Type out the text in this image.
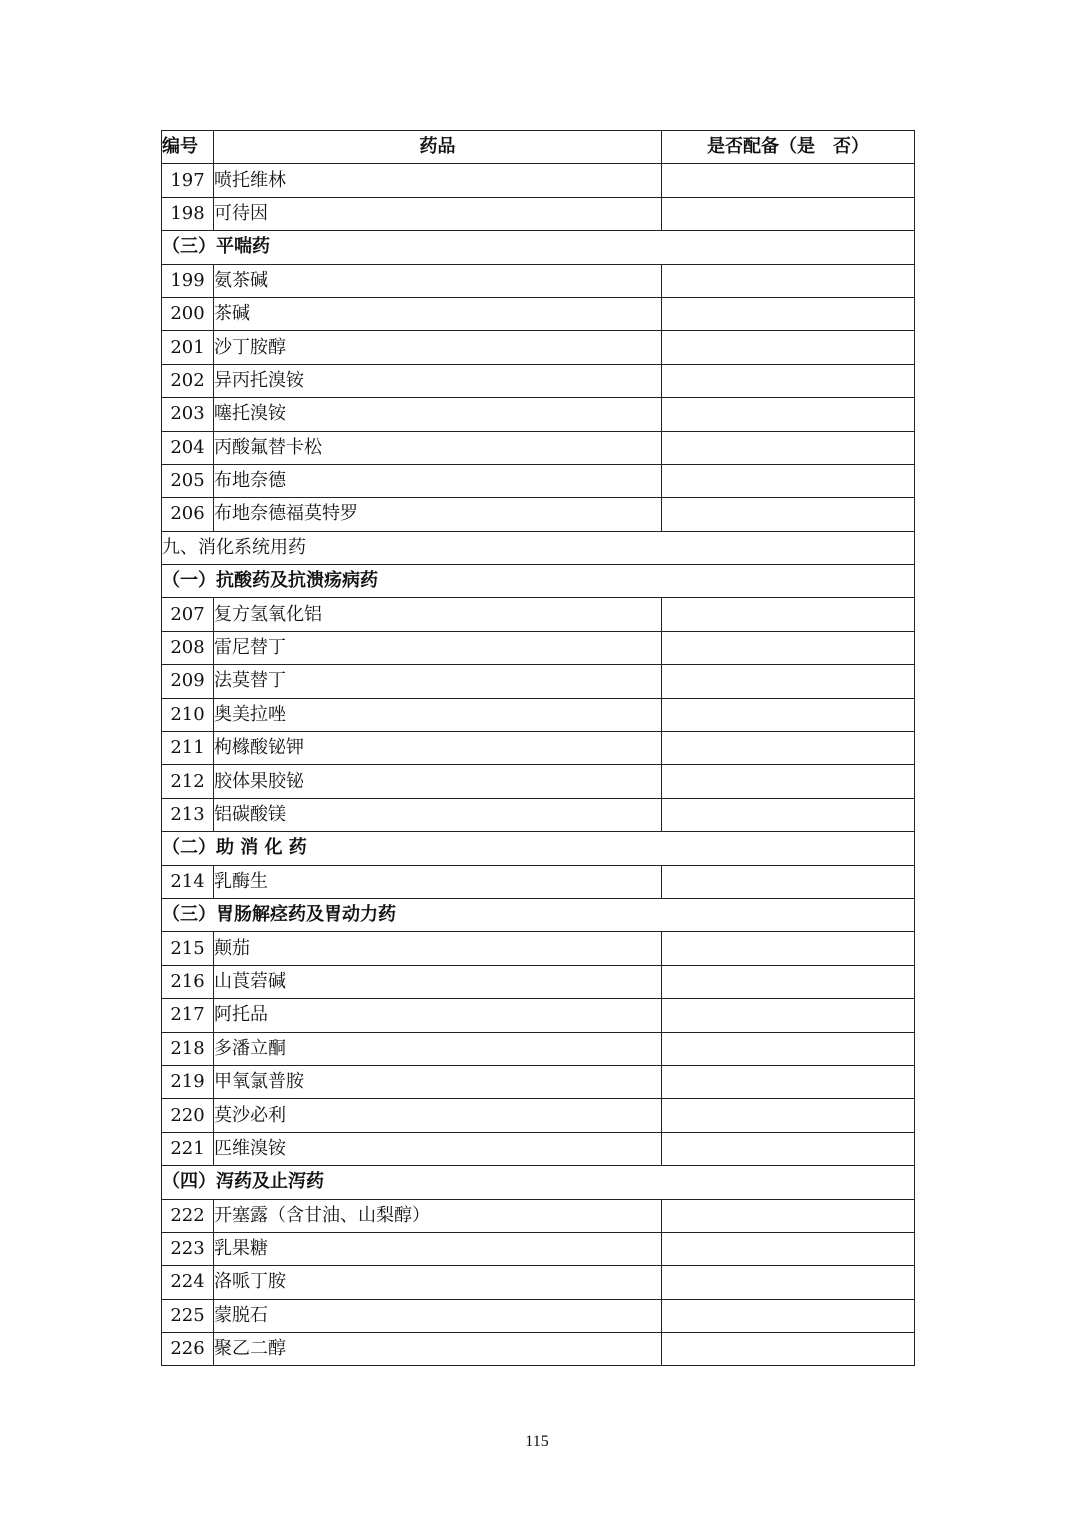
编号	药品	是否配备（是　否）
197	喷托维林	
198	可待因	
（三）平喘药		
199	氨茶碱	
200	茶碱	
201	沙丁胺醇	
202	异丙托溴铵	
203	噻托溴铵	
204	丙酸氟替卡松	
205	布地奈德	
206	布地奈德福莫特罗	
九、消化系统用药		
（一）抗酸药及抗溃疡病药		
207	复方氢氧化铝	
208	雷尼替丁	
209	法莫替丁	
210	奥美拉唑	
211	枸橼酸铋钾	
212	胶体果胶铋	
213	铝碳酸镁	
（二）助 消 化 药		
214	乳酶生	
（三）胃肠解痉药及胃动力药		
215	颠茄	
216	山莨菪碱	
217	阿托品	
218	多潘立酮	
219	甲氧氯普胺	
220	莫沙必利	
221	匹维溴铵	
（四）泻药及止泻药		
222	开塞露（含甘油、山梨醇）	
223	乳果糖	
224	洛哌丁胺	
225	蒙脱石	
226	聚乙二醇	
115
